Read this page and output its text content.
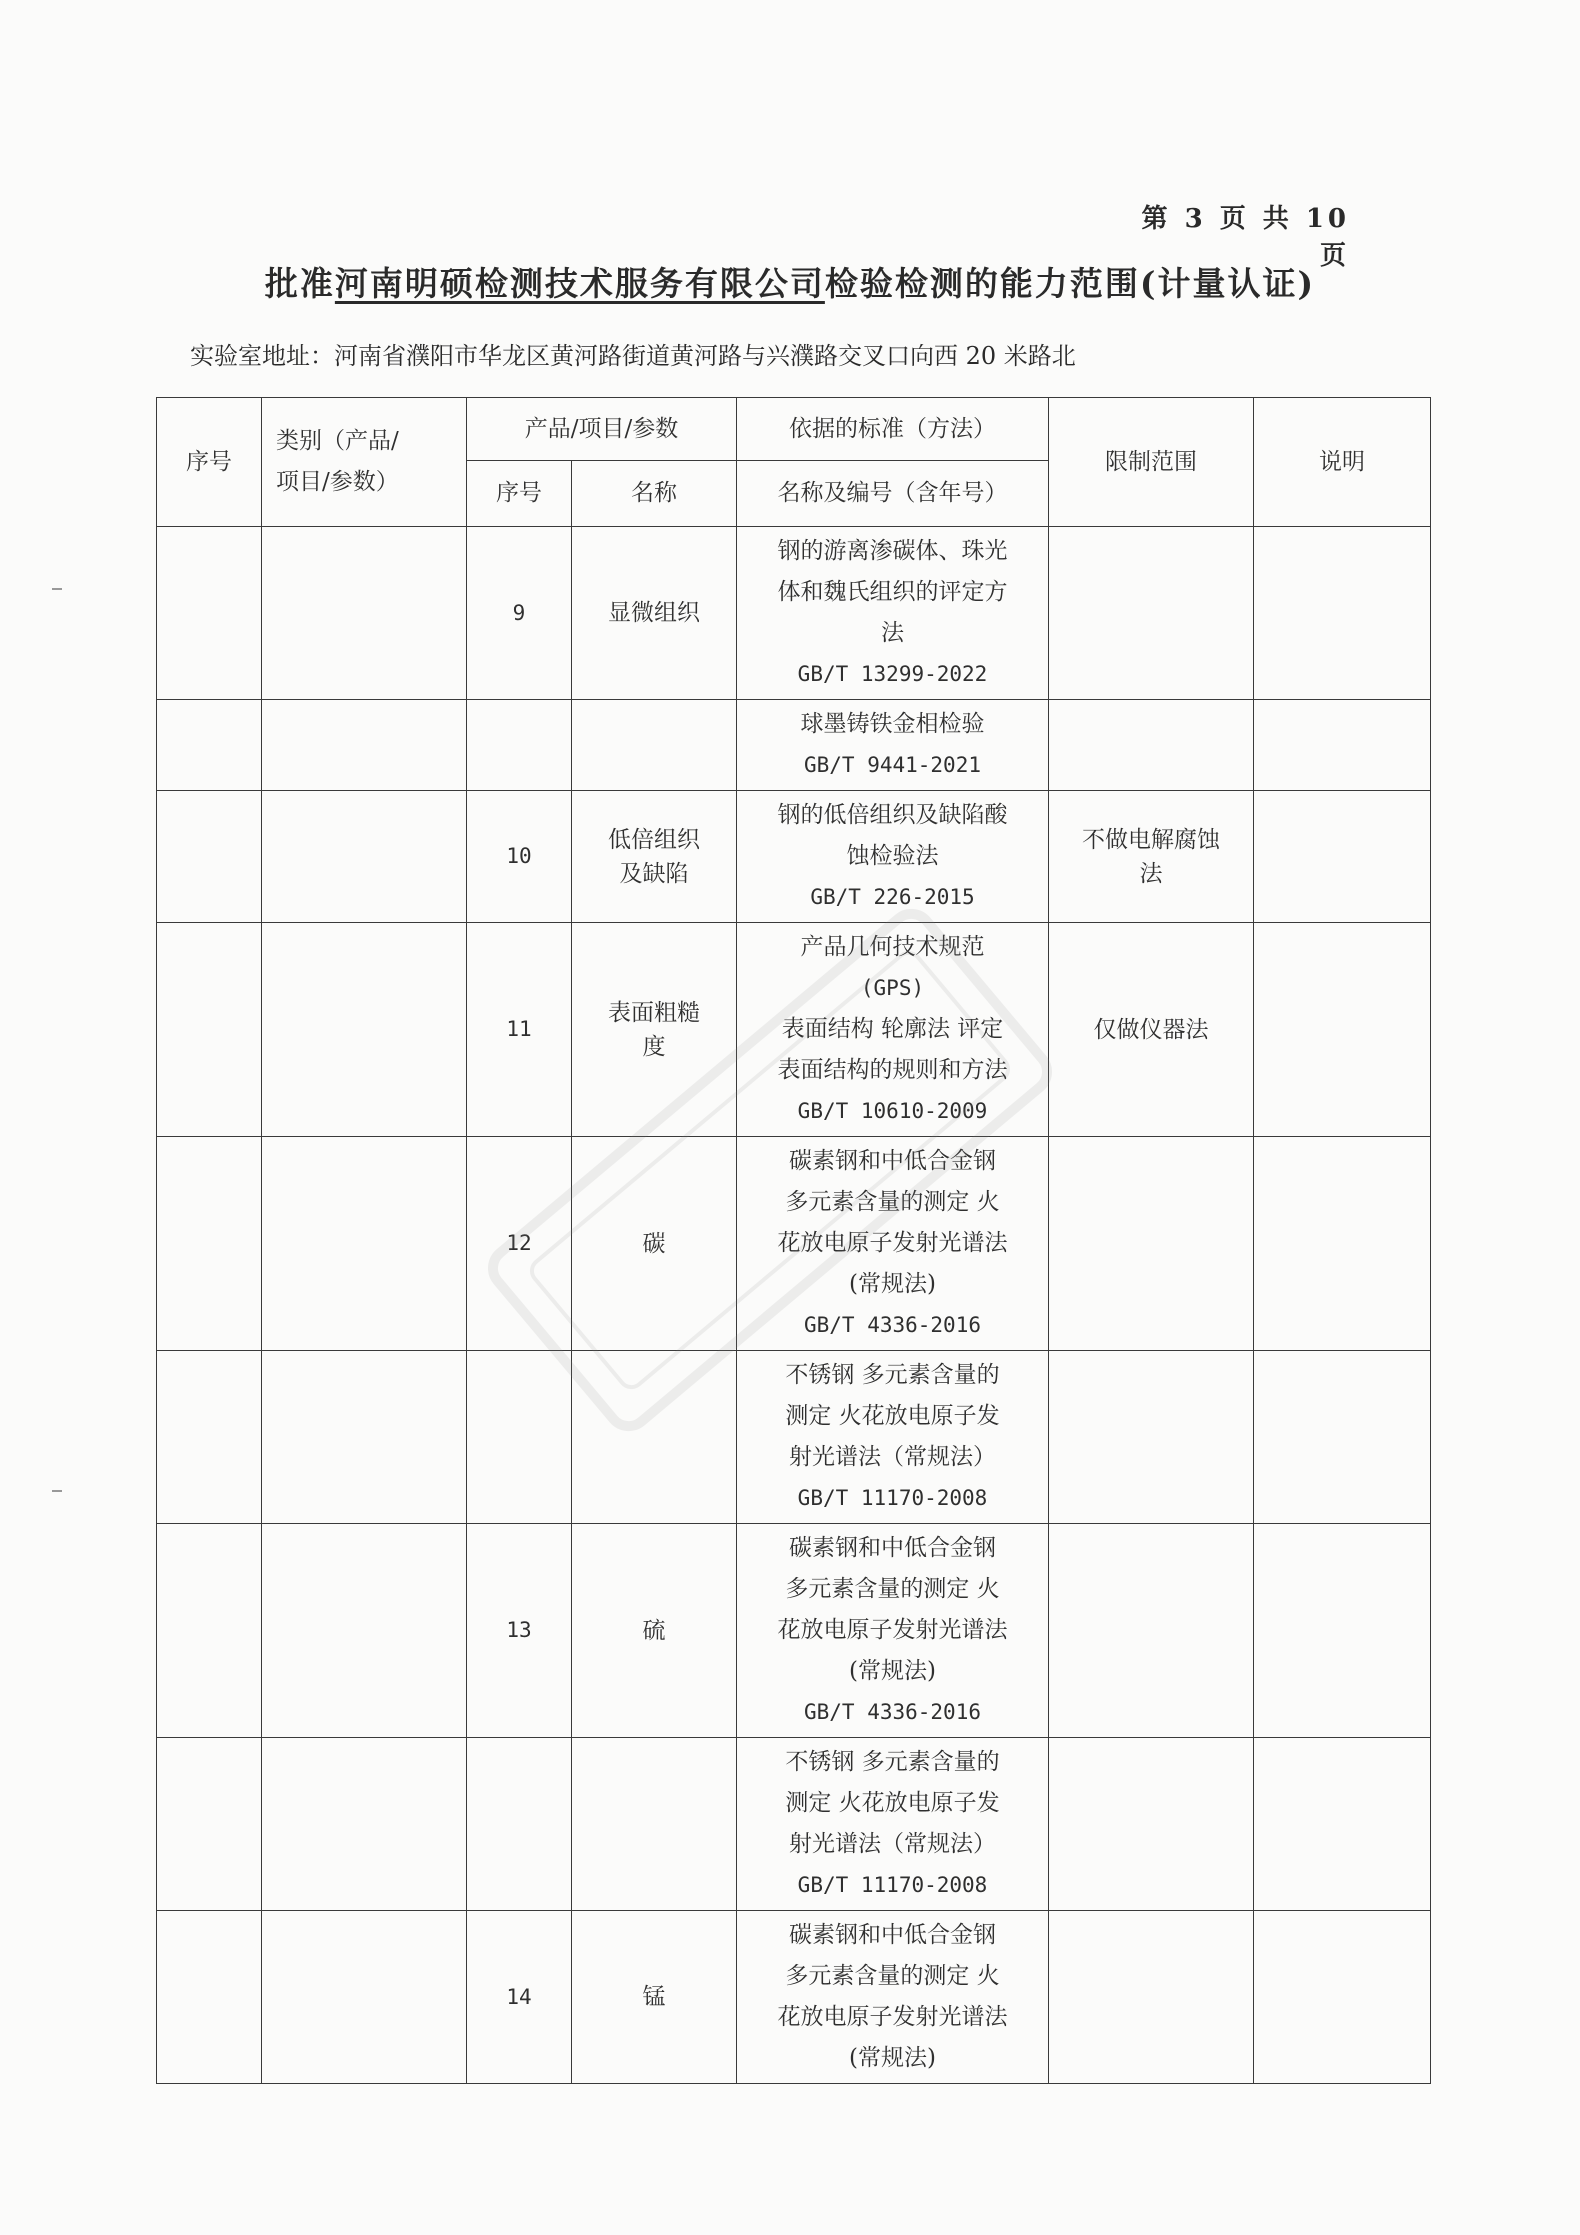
第 3 页 共 10 页
批准河南明硕检测技术服务有限公司检验检测的能力范围(计量认证)
实验室地址：河南省濮阳市华龙区黄河路街道黄河路与兴濮路交叉口向西 20 米路北
序号	类别（产品/
项目/参数）	产品/项目/参数		依据的标准（方法）	限制范围	说明
		序号	名称	名称及编号（含年号）		
		9	显微组织	钢的游离渗碳体、珠光
体和魏氏组织的评定方
法
GB/T 13299-2022		

				球墨铸铁金相检验
GB/T 9441-2021		

		10	低倍组织及缺陷	钢的低倍组织及缺陷酸
蚀检验法
GB/T 226-2015	不做电解腐蚀法	

		11	表面粗糙度	产品几何技术规范
(GPS)
表面结构 轮廓法 评定
表面结构的规则和方法
GB/T 10610-2009	仅做仪器法	

		12	碳	碳素钢和中低合金钢
多元素含量的测定 火
花放电原子发射光谱法
(常规法)
GB/T 4336-2016		

				不锈钢 多元素含量的
测定 火花放电原子发
射光谱法（常规法）
GB/T 11170-2008		

		13	硫	碳素钢和中低合金钢
多元素含量的测定 火
花放电原子发射光谱法
(常规法)
GB/T 4336-2016		

				不锈钢 多元素含量的
测定 火花放电原子发
射光谱法（常规法）
GB/T 11170-2008		

		14	锰	碳素钢和中低合金钢
多元素含量的测定 火
花放电原子发射光谱法
(常规法)		
